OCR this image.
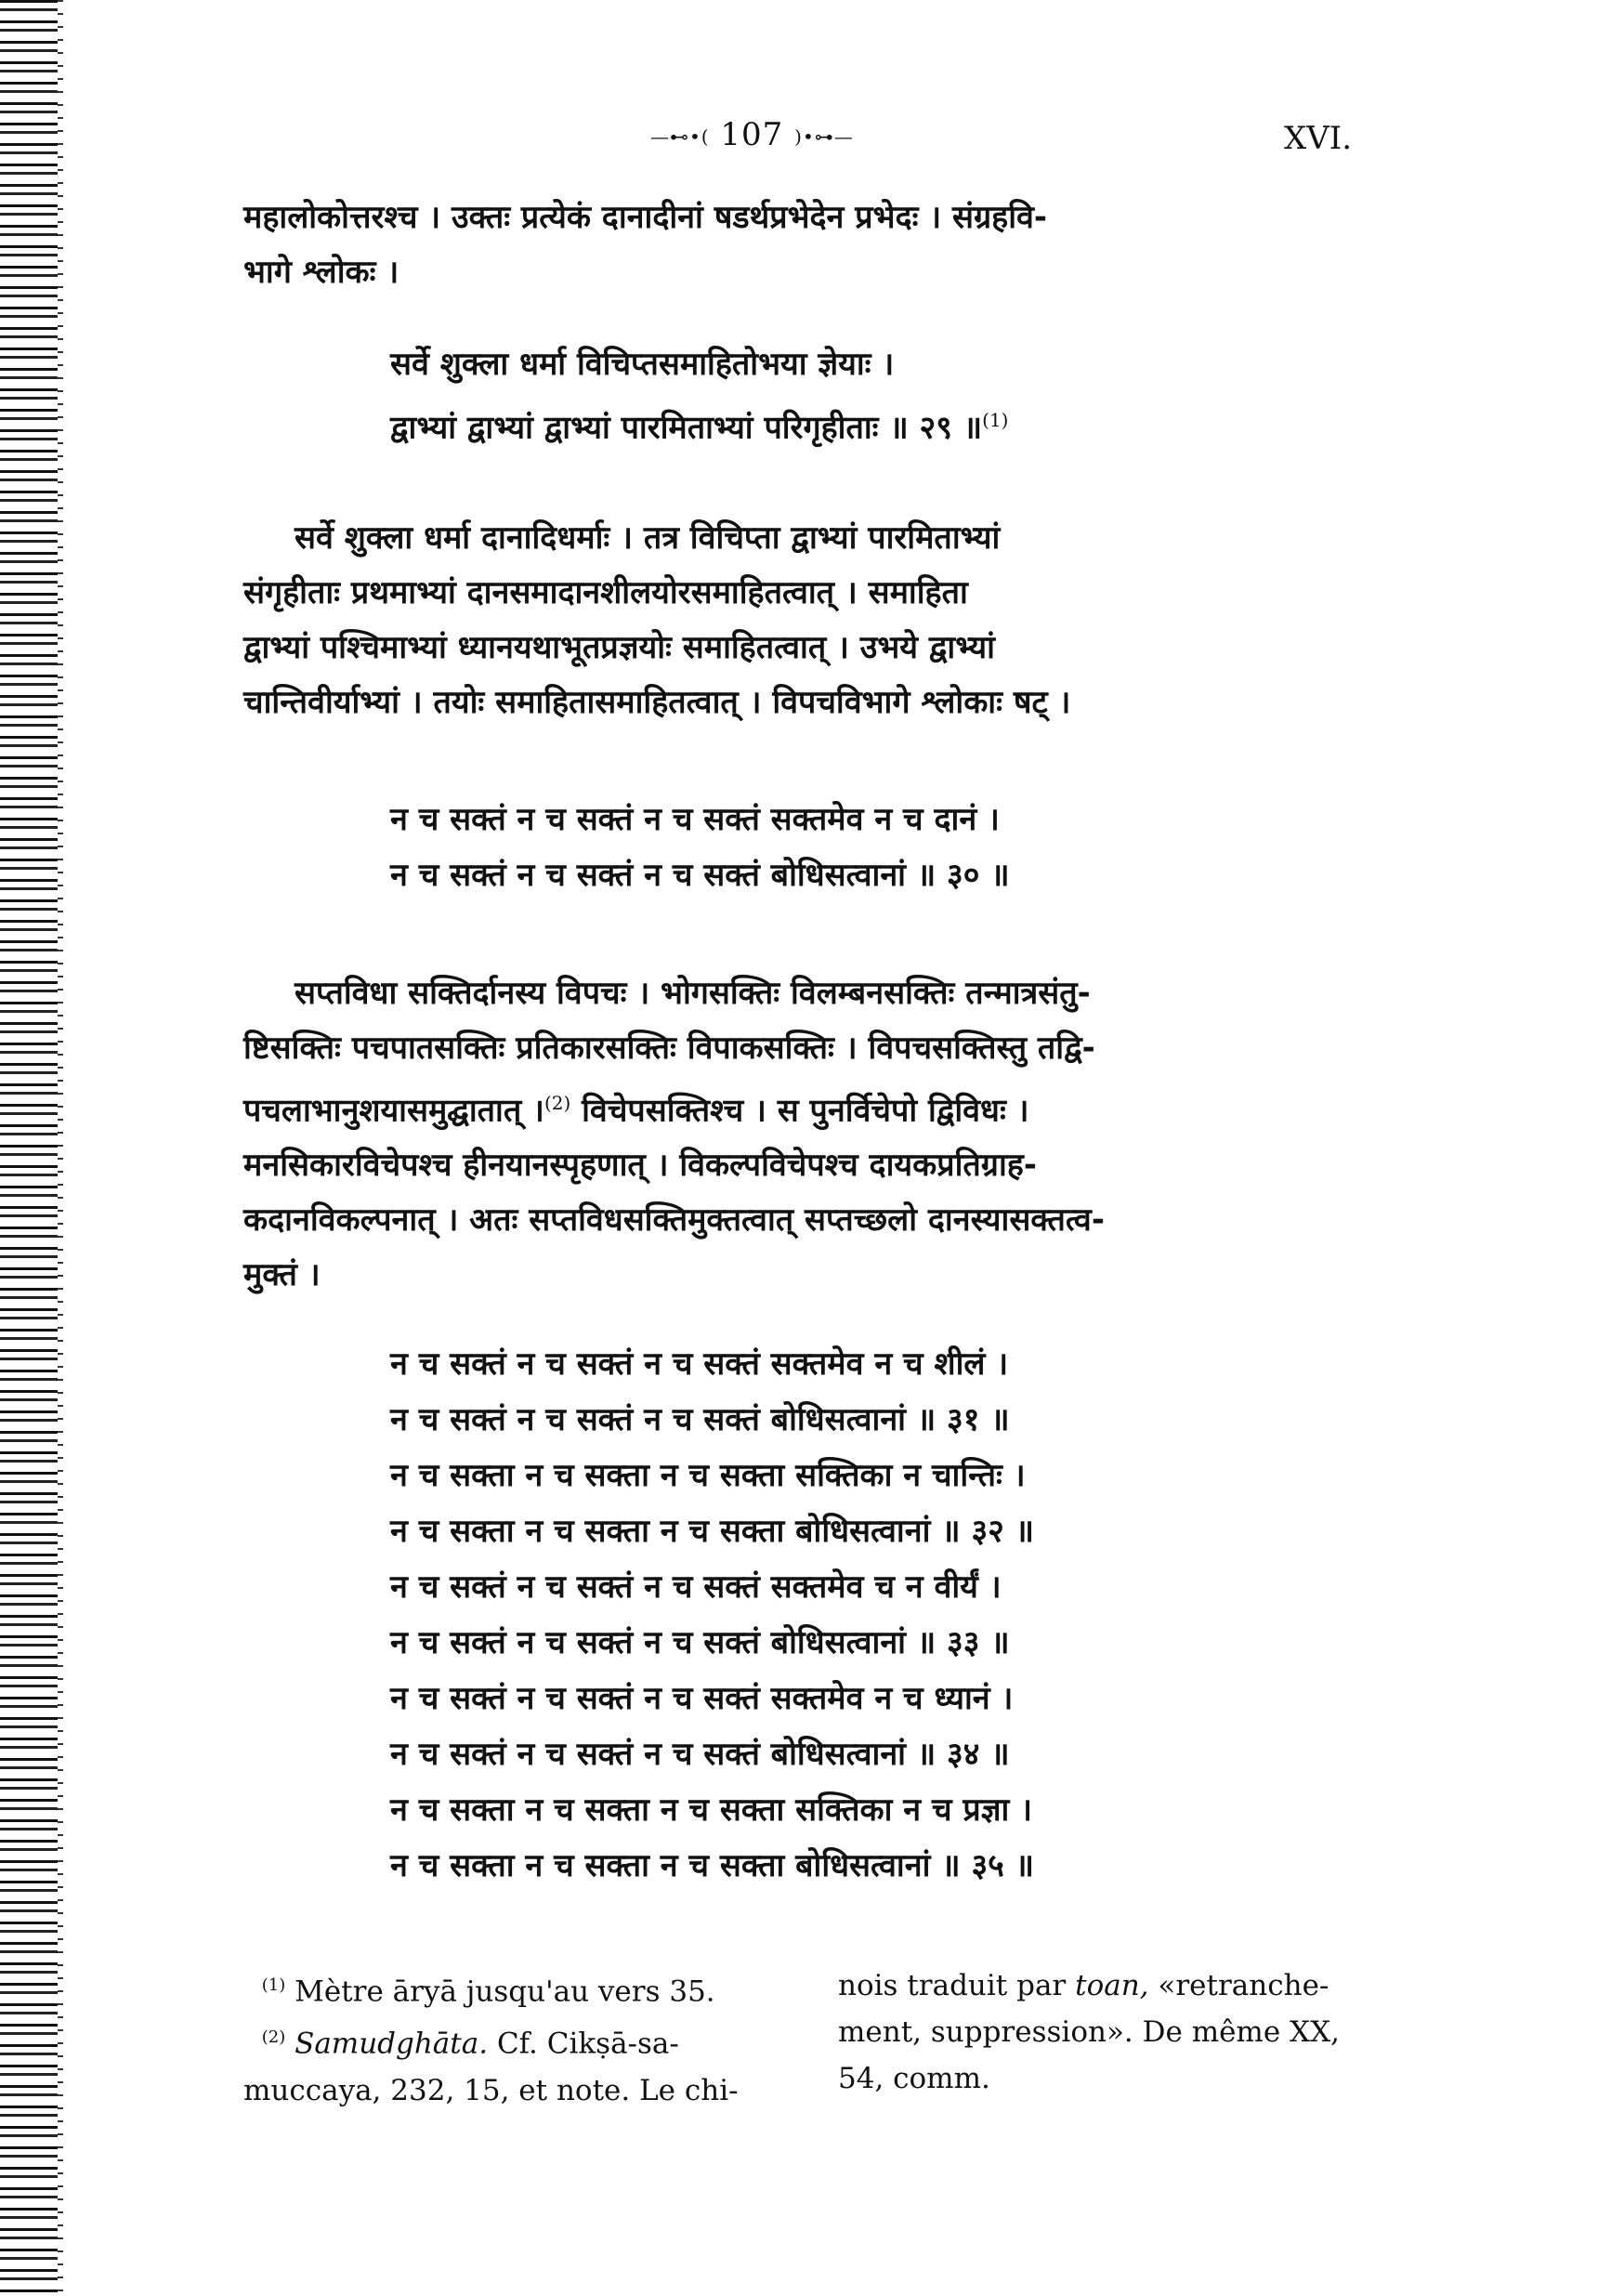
—⊷•( 107 )•⊶—	XVI.
महालोकोत्तरश्च । उक्तः प्रत्येकं दानादीनां षडर्थप्रभेदेन प्रभेदः । संग्रहवि-
भागे श्लोकः ।
सर्वे शुक्ला धर्मा विचिप्तसमाहितोभया ज्ञेयाः ।
द्वाभ्यां द्वाभ्यां द्वाभ्यां पारमिताभ्यां परिगृहीताः ॥ २९ ॥$^{(1)}$
सर्वे शुक्ला धर्मा दानादिधर्माः । तत्र विचिप्ता द्वाभ्यां पारमिताभ्यां
संगृहीताः प्रथमाभ्यां दानसमादानशीलयोरसमाहितत्वात् । समाहिता
द्वाभ्यां पश्चिमाभ्यां ध्यानयथाभूतप्रज्ञयोः समाहितत्वात् । उभये द्वाभ्यां
चान्तिवीर्याभ्यां । तयोः समाहितासमाहितत्वात् । विपचविभागे श्लोकाः षट् ।
न च सक्तं न च सक्तं न च सक्तं सक्तमेव न च दानं ।
न च सक्तं न च सक्तं न च सक्तं बोधिसत्वानां ॥ ३० ॥
सप्तविधा सक्तिर्दानस्य विपचः । भोगसक्तिः विलम्बनसक्तिः तन्मात्रसंतु-
ष्टिसक्तिः पचपातसक्तिः प्रतिकारसक्तिः विपाकसक्तिः । विपचसक्तिस्तु तद्वि-
पचलाभानुशयासमुद्घातात् ।$^{(2)}$ विचेपसक्तिश्च । स पुनर्विचेपो द्विविधः ।
मनसिकारविचेपश्च हीनयानस्पृहणात् । विकल्पविचेपश्च दायकप्रतिग्राह-
कदानविकल्पनात् । अतः सप्तविधसक्तिमुक्तत्वात् सप्तच्छलो दानस्यासक्तत्व-
मुक्तं ।
न च सक्तं न च सक्तं न च सक्तं सक्तमेव न च शीलं ।
न च सक्तं न च सक्तं न च सक्तं बोधिसत्वानां ॥ ३१ ॥
न च सक्ता न च सक्ता न च सक्ता सक्तिका न चान्तिः ।
न च सक्ता न च सक्ता न च सक्ता बोधिसत्वानां ॥ ३२ ॥
न च सक्तं न च सक्तं न च सक्तं सक्तमेव च न वीर्यं ।
न च सक्तं न च सक्तं न च सक्तं बोधिसत्वानां ॥ ३३ ॥
न च सक्तं न च सक्तं न च सक्तं सक्तमेव न च ध्यानं ।
न च सक्तं न च सक्तं न च सक्तं बोधिसत्वानां ॥ ३४ ॥
न च सक्ता न च सक्ता न च सक्ता सक्तिका न च प्रज्ञा ।
न च सक्ता न च सक्ता न च सक्ता बोधिसत्वानां ॥ ३५ ॥
$^{(1)}$ Mètre āryā jusqu'au vers 35.
$^{(2)}$ Samudghāta. Cf. Cikṣā-sa-
muccaya, 232, 15, et note. Le chi-
nois traduit par toan, «retranche-
ment, suppression». De même XX,
54, comm.
